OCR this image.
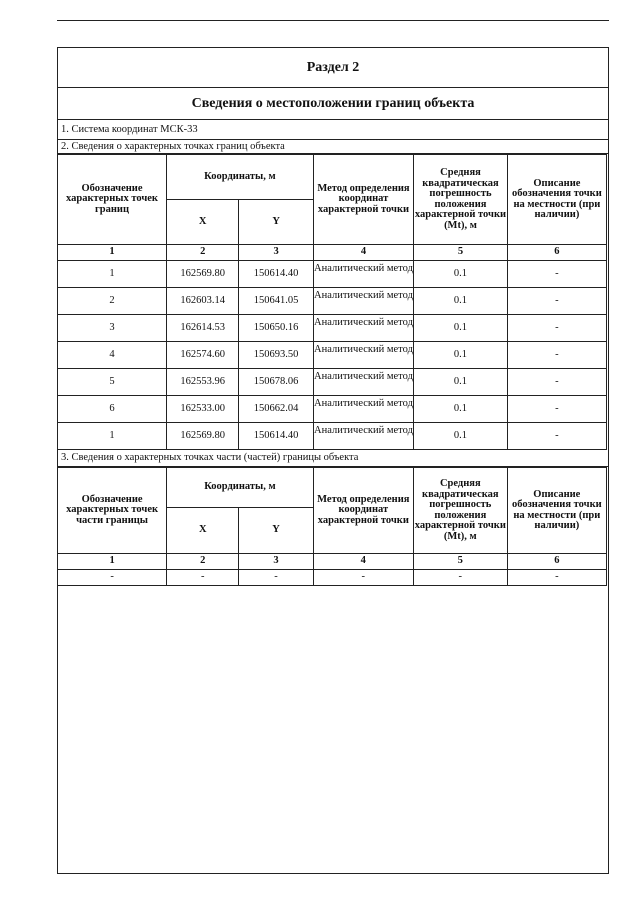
Раздел 2
Сведения о местоположении границ объекта
1. Система координат МСК-33
2. Сведения о характерных точках границ объекта
Обозначение характерных точек границ	Координаты, м		Метод определения координат характерной точки	Средняя квадратическая погрешность положения характерной точки (Mt), м	Описание обозначения точки на местности (при наличии)
	X	Y			
1	2	3	4	5	6
1	162569.80	150614.40	Аналитический метод	0.1	-
2	162603.14	150641.05	Аналитический метод	0.1	-
3	162614.53	150650.16	Аналитический метод	0.1	-
4	162574.60	150693.50	Аналитический метод	0.1	-
5	162553.96	150678.06	Аналитический метод	0.1	-
6	162533.00	150662.04	Аналитический метод	0.1	-
1	162569.80	150614.40	Аналитический метод	0.1	-
3. Сведения о характерных точках части (частей) границы объекта
Обозначение характерных точек части границы	Координаты, м		Метод определения координат характерной точки	Средняя квадратическая погрешность положения характерной точки (Mt), м	Описание обозначения точки на местности (при наличии)
	X	Y			
1	2	3	4	5	6
-	-	-	-	-	-
